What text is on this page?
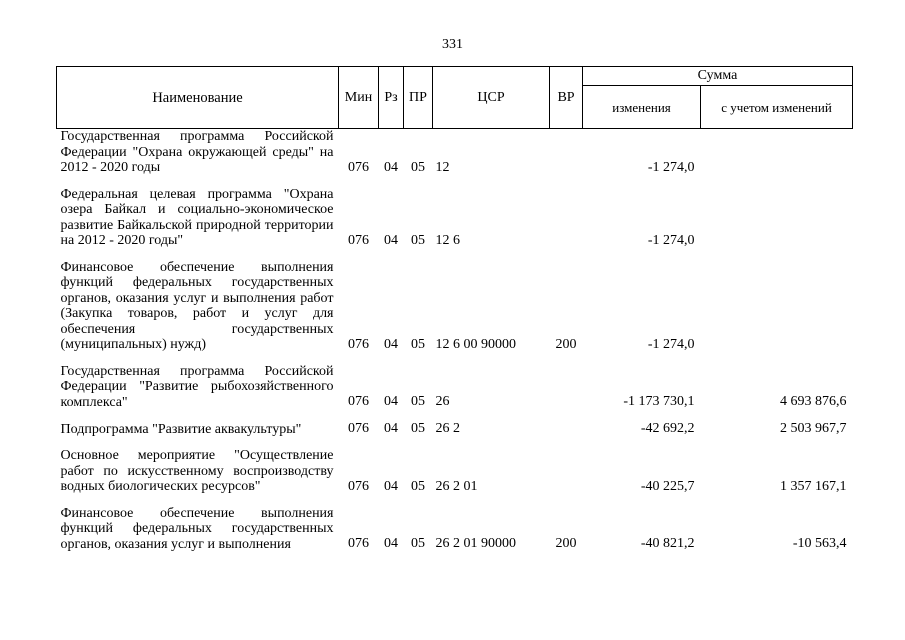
331
Наименование	Мин	Рз	ПР	ЦСР	ВР	Сумма	
						изменения	с учетом изменений
Государственная программа Российской Федерации "Охрана окружающей среды" на 2012 - 2020 годы	076	04	05	12		-1 274,0	
Федеральная целевая программа "Охрана озера Байкал и социально-экономическое развитие Байкальской природной территории на 2012 - 2020 годы"	076	04	05	12 6		-1 274,0	
Финансовое обеспечение выполнения функций федеральных государственных органов, оказания услуг и выполнения работ (Закупка товаров, работ и услуг для обеспечения государственных (муниципальных) нужд)	076	04	05	12 6 00 90000	200	-1 274,0	
Государственная программа Российской Федерации "Развитие рыбохозяйственного комплекса"	076	04	05	26		-1 173 730,1	4 693 876,6
Подпрограмма "Развитие аквакультуры"	076	04	05	26 2		-42 692,2	2 503 967,7
Основное мероприятие "Осуществление работ по искусственному воспроизводству водных биологических ресурсов"	076	04	05	26 2 01		-40 225,7	1 357 167,1
Финансовое обеспечение выполнения функций федеральных государственных органов, оказания услуг и выполнения	076	04	05	26 2 01 90000	200	-40 821,2	-10 563,4
